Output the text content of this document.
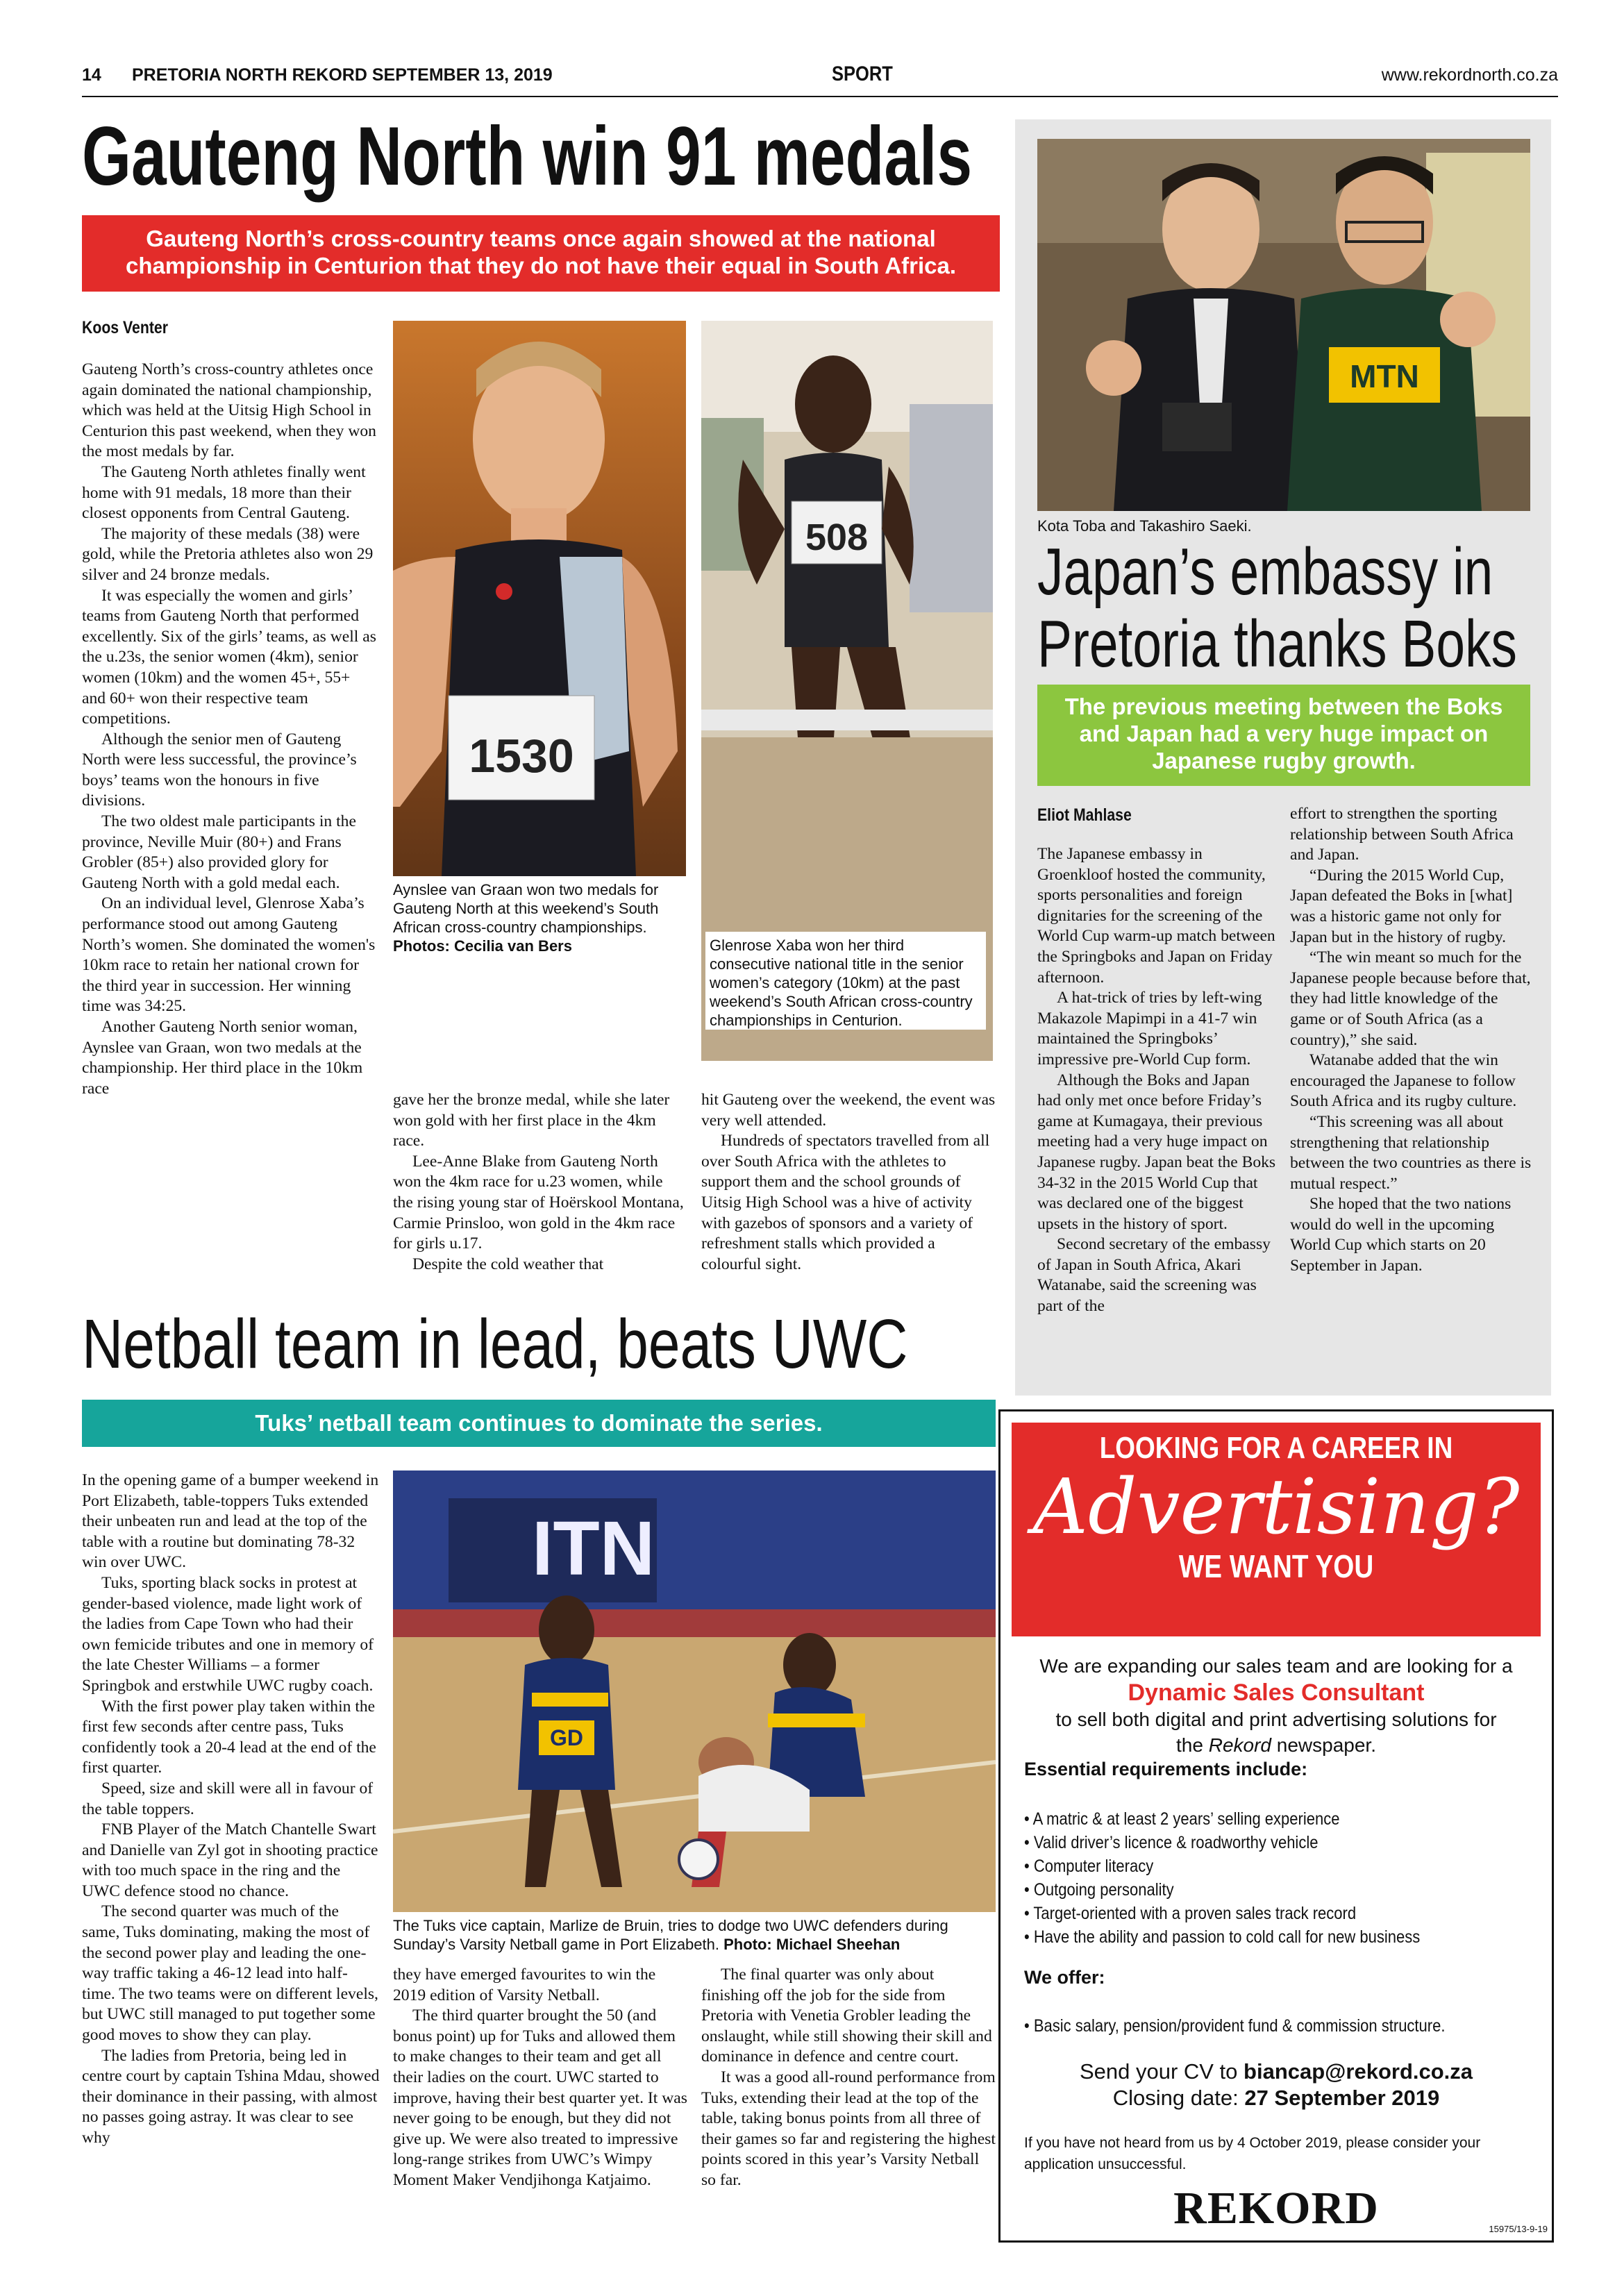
14 PRETORIA NORTH REKORD SEPTEMBER 13, 2019	SPORT	www.rekordnorth.co.za
Gauteng North win 91 medals
Gauteng North’s cross-country teams once again showed at the national championship in Centurion that they do not have their equal in South Africa.
Koos Venter

Gauteng North’s cross-country athletes once again dominated the national championship, which was held at the Uitsig High School in Centurion this past weekend, when they won the most medals by far.

The Gauteng North athletes finally went home with 91 medals, 18 more than their closest opponents from Central Gauteng.

The majority of these medals (38) were gold, while the Pretoria athletes also won 29 silver and 24 bronze medals.

It was especially the women and girls’ teams from Gauteng North that performed excellently. Six of the girls’ teams, as well as the u.23s, the senior women (4km), senior women (10km) and the women 45+, 55+ and 60+ won their respective team competitions.

Although the senior men of Gauteng North were less successful, the province’s boys’ teams won the honours in five divisions.

The two oldest male participants in the province, Neville Muir (80+) and Frans Grobler (85+) also provided glory for Gauteng North with a gold medal each.

On an individual level, Glenrose Xaba’s performance stood out among Gauteng North’s women. She dominated the women's 10km race to retain her national crown for the third year in succession. Her winning time was 34:25.

Another Gauteng North senior woman, Aynslee van Graan, won two medals at the championship. Her third place in the 10km race

1530
Aynslee van Graan won two medals for Gauteng North at this weekend’s South African cross-country championships.
Photos: Cecilia van Bers
508
Glenrose Xaba won her third consecutive national title in the senior women’s category (10km) at the past weekend’s South African cross-country championships in Centurion.

gave her the bronze medal, while she later won gold with her first place in the 4km race.

Lee-Anne Blake from Gauteng North won the 4km race for u.23 women, while the rising young star of Hoërskool Montana, Carmie Prinsloo, won gold in the 4km race for girls u.17.

Despite the cold weather that

hit Gauteng over the weekend, the event was very well attended.

Hundreds of spectators travelled from all over South Africa with the athletes to support them and the school grounds of Uitsig High School was a hive of activity with gazebos of sponsors and a variety of refreshment stalls which provided a colourful sight.

MTN
Kota Toba and Takashiro Saeki.
Japan’s embassy in
Pretoria thanks Boks
The previous meeting between the Boks and Japan had a very huge impact on Japanese rugby growth.
Eliot Mahlase

The Japanese embassy in Groenkloof hosted the community, sports personalities and foreign dignitaries for the screening of the World Cup warm-up match between the Springboks and Japan on Friday afternoon.

A hat-trick of tries by left-wing Makazole Mapimpi in a 41-7 win maintained the Springboks’ impressive pre-World Cup form.

Although the Boks and Japan had only met once before Friday’s game at Kumagaya, their previous meeting had a very huge impact on Japanese rugby. Japan beat the Boks 34-32 in the 2015 World Cup that was declared one of the biggest upsets in the history of sport.

Second secretary of the embassy of Japan in South Africa, Akari Watanabe, said the screening was part of the

effort to strengthen the sporting relationship between South Africa and Japan.

“During the 2015 World Cup, Japan defeated the Boks in [what] was a historic game not only for Japan but in the history of rugby.

“The win meant so much for the Japanese people because before that, they had little knowledge of the game or of South Africa (as a country),” she said.

Watanabe added that the win encouraged the Japanese to follow South Africa and its rugby culture.

“This screening was all about strengthening that relationship between the two countries as there is mutual respect.”

She hoped that the two nations would do well in the upcoming World Cup which starts on 20 September in Japan.

Netball team in lead, beats UWC
Tuks’ netball team continues to dominate the series.

In the opening game of a bumper weekend in Port Elizabeth, table-toppers Tuks extended their unbeaten run and lead at the top of the table with a routine but dominating 78-32 win over UWC.

Tuks, sporting black socks in protest at gender-based violence, made light work of the ladies from Cape Town who had their own femicide tributes and one in memory of the late Chester Williams – a former Springbok and erstwhile UWC rugby coach.

With the first power play taken within the first few seconds after centre pass, Tuks confidently took a 20-4 lead at the end of the first quarter.

Speed, size and skill were all in favour of the table toppers.

FNB Player of the Match Chantelle Swart and Danielle van Zyl got in shooting practice with too much space in the ring and the UWC defence stood no chance.

The second quarter was much of the same, Tuks dominating, making the most of the second power play and leading the one-way traffic taking a 46-12 lead into half-time. The two teams were on different levels, but UWC still managed to put together some good moves to show they can play.

The ladies from Pretoria, being led in centre court by captain Tshina Mdau, showed their dominance in their passing, with almost no passes going astray. It was clear to see why

ITN
GD
The Tuks vice captain, Marlize de Bruin, tries to dodge two UWC defenders during Sunday’s Varsity Netball game in Port Elizabeth. Photo: Michael Sheehan

they have emerged favourites to win the 2019 edition of Varsity Netball.

The third quarter brought the 50 (and bonus point) up for Tuks and allowed them to make changes to their team and get all their ladies on the court. UWC started to improve, having their best quarter yet. It was never going to be enough, but they did not give up. We were also treated to impressive long-range strikes from UWC’s Wimpy Moment Maker Vendjihonga Katjaimo.

The final quarter was only about finishing off the job for the side from Pretoria with Venetia Grobler leading the onslaught, while still showing their skill and dominance in defence and centre court.

It was a good all-round performance from Tuks, extending their lead at the top of the table, taking bonus points from all three of their games so far and registering the highest points scored in this year’s Varsity Netball so far.

LOOKING FOR A CAREER IN
Advertising?
WE WANT YOU
We are expanding our sales team and are looking for a
Dynamic Sales Consultant
to sell both digital and print advertising solutions for
the Rekord newspaper.
Essential requirements include:
• A matric & at least 2 years’ selling experience
• Valid driver’s licence & roadworthy vehicle
• Computer literacy
• Outgoing personality
• Target-oriented with a proven sales track record
• Have the ability and passion to cold call for new business
We offer:
• Basic salary, pension/provident fund & commission structure.
Send your CV to biancap@rekord.co.za
Closing date: 27 September 2019
If you have not heard from us by 4 October 2019, please consider your application unsuccessful.
REKORD	15975/13-9-19
